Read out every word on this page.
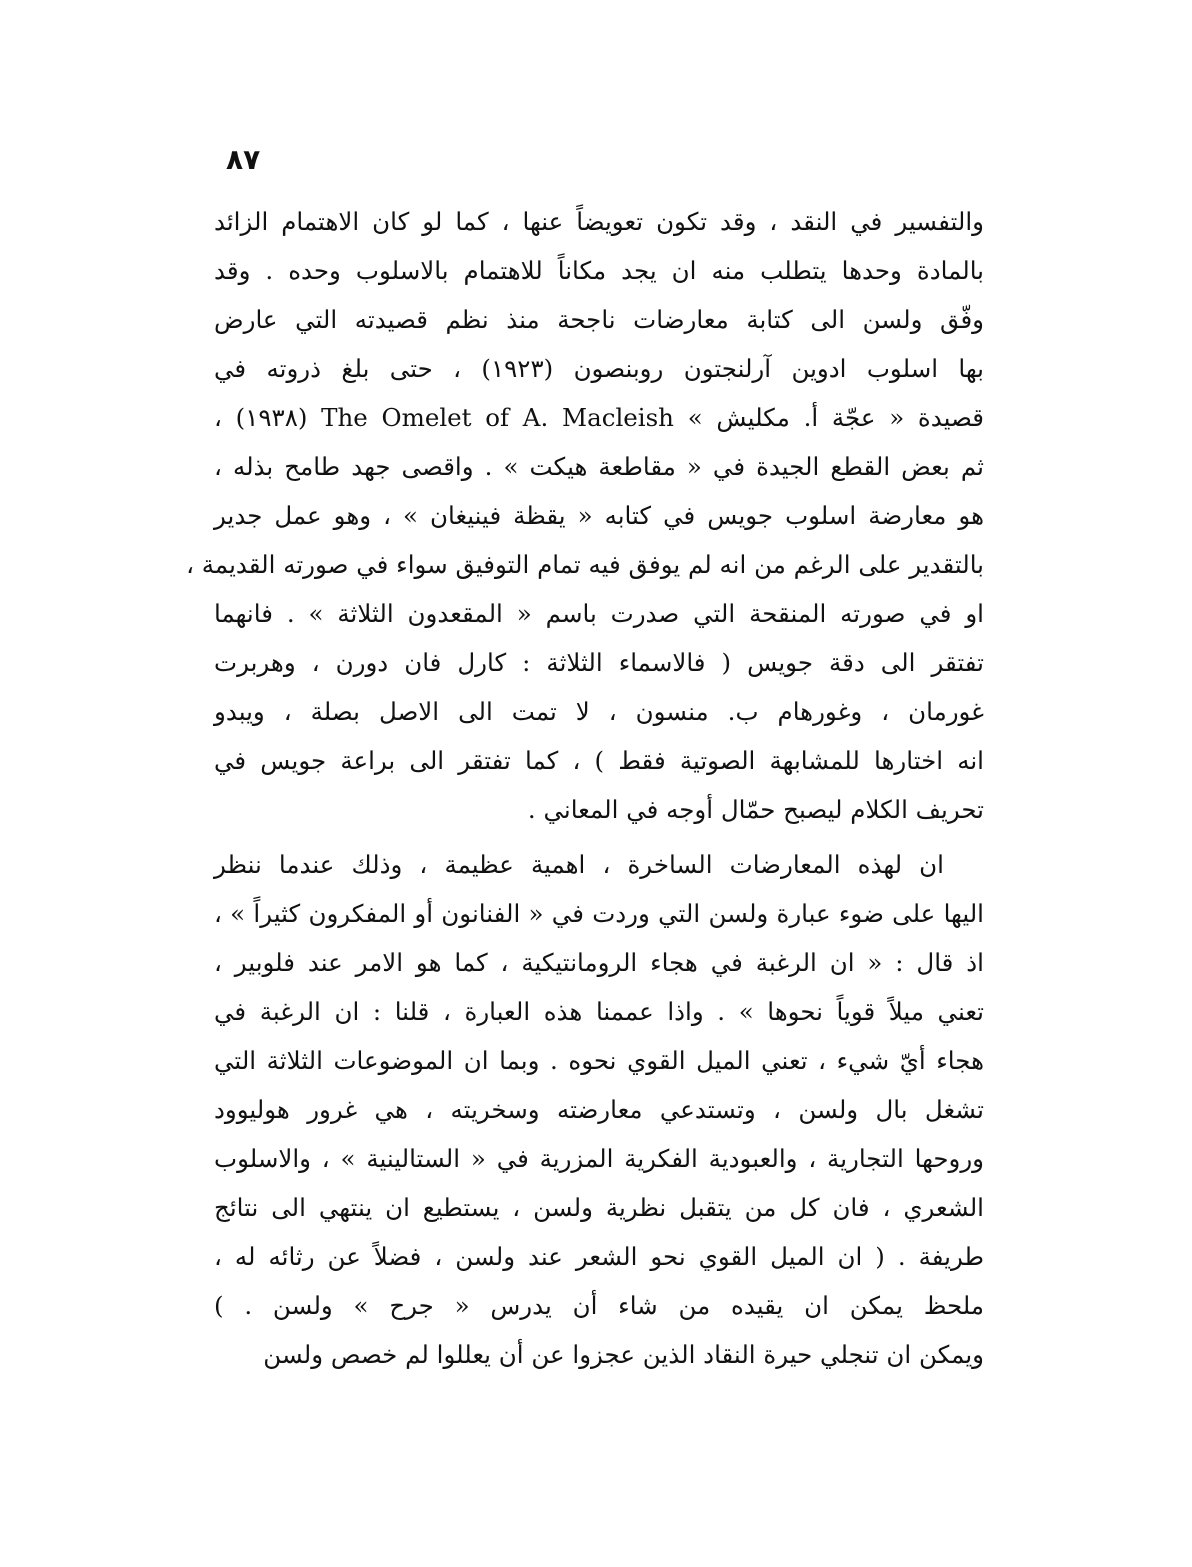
٨٧
والتفسير في النقد ، وقد تكون تعويضاً عنها ، كما لو كان الاهتمام الزائد
بالمادة وحدها يتطلب منه ان يجد مكاناً للاهتمام بالاسلوب وحده . وقد
وفّق ولسن الى كتابة معارضات ناجحة منذ نظم قصيدته التي عارض
بها اسلوب ادوين آرلنجتون روبنصون (١٩٢٣) ، حتى بلغ ذروته في
قصيدة « عجّة أ. مكليش » The Omelet of A. Macleish (١٩٣٨) ،
ثم بعض القطع الجيدة في « مقاطعة هيكت » . واقصى جهد طامح بذله ،
هو معارضة اسلوب جويس في كتابه « يقظة فينيغان » ، وهو عمل جدير
بالتقدير على الرغم من انه لم يوفق فيه تمام التوفيق سواء في صورته القديمة ،
او في صورته المنقحة التي صدرت باسم « المقعدون الثلاثة » . فانهما
تفتقر الى دقة جويس ( فالاسماء الثلاثة : كارل فان دورن ، وهربرت
غورمان ، وغورهام ب. منسون ، لا تمت الى الاصل بصلة ، ويبدو
انه اختارها للمشابهة الصوتية فقط ) ، كما تفتقر الى براعة جويس في
تحريف الكلام ليصبح حمّال أوجه في المعاني .
ان لهذه المعارضات الساخرة ، اهمية عظيمة ، وذلك عندما ننظر
اليها على ضوء عبارة ولسن التي وردت في « الفنانون أو المفكرون كثيراً » ،
اذ قال : « ان الرغبة في هجاء الرومانتيكية ، كما هو الامر عند فلوبير ،
تعني ميلاً قوياً نحوها » . واذا عممنا هذه العبارة ، قلنا : ان الرغبة في
هجاء أيّ شيء ، تعني الميل القوي نحوه . وبما ان الموضوعات الثلاثة التي
تشغل بال ولسن ، وتستدعي معارضته وسخريته ، هي غرور هوليوود
وروحها التجارية ، والعبودية الفكرية المزرية في « الستالينية » ، والاسلوب
الشعري ، فان كل من يتقبل نظرية ولسن ، يستطيع ان ينتهي الى نتائج
طريفة . ( ان الميل القوي نحو الشعر عند ولسن ، فضلاً عن رثائه له ،
ملحظ يمكن ان يقيده من شاء أن يدرس « جرح » ولسن . )
ويمكن ان تنجلي حيرة النقاد الذين عجزوا عن أن يعللوا لم خصص ولسن
